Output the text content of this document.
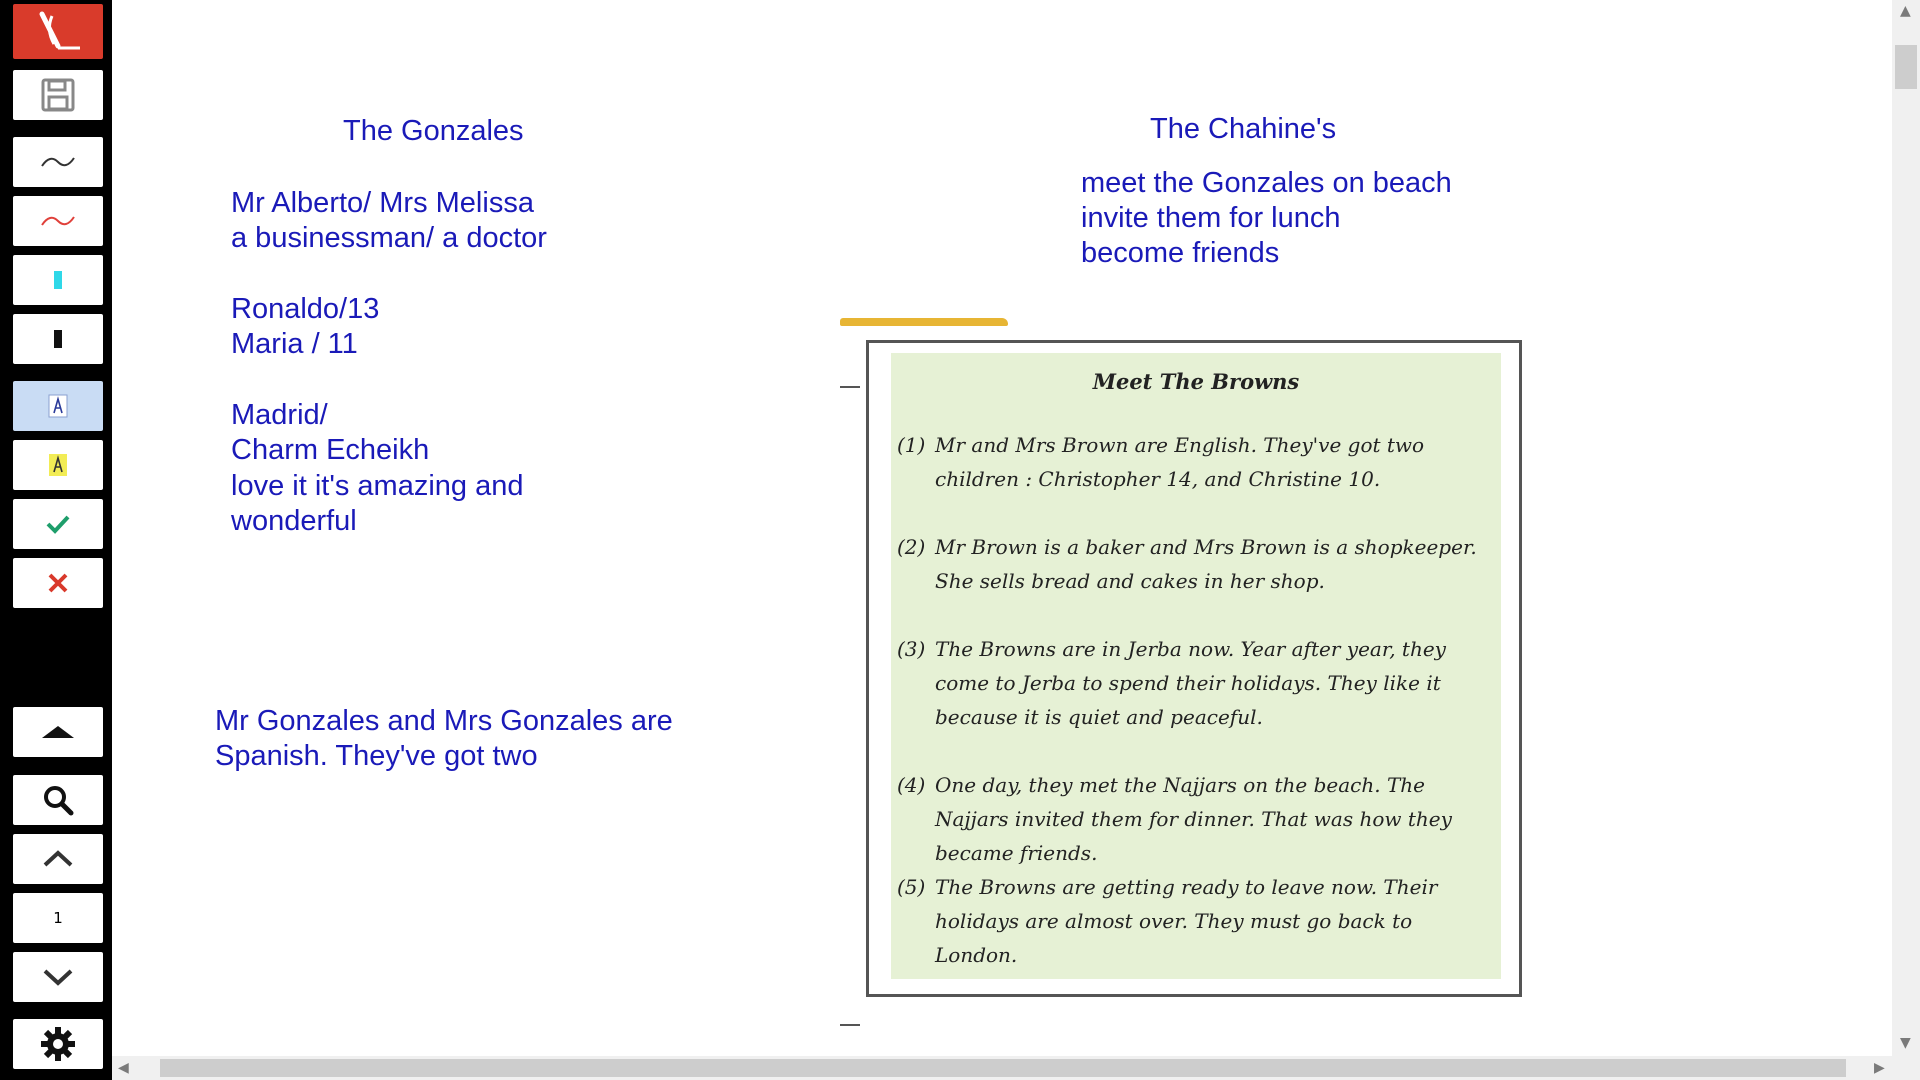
1
The Gonzales
Mr Alberto/ Mrs Melissa
a businessman/ a doctor
Ronaldo/13
Maria / 11
Madrid/
Charm Echeikh
love it it's amazing and
wonderful
Mr Gonzales and Mrs Gonzales are
Spanish. They've got two
The Chahine's
meet the Gonzales on beach
invite them for lunch
become friends
Meet The Browns
(1) Mr and Mrs Brown are English. They've got two children : Christopher 14, and Christine 10.
(2) Mr Brown is a baker and Mrs Brown is a shopkeeper. She sells bread and cakes in her shop.
(3) The Browns are in Jerba now. Year after year, they come to Jerba to spend their holidays. They like it because it is quiet and peaceful.
(4) One day, they met the Najjars on the beach. The Najjars invited them for dinner. That was how they became friends.
(5) The Browns are getting ready to leave now. Their holidays are almost over. They must go back to London.
▲
▼
◀	▶
